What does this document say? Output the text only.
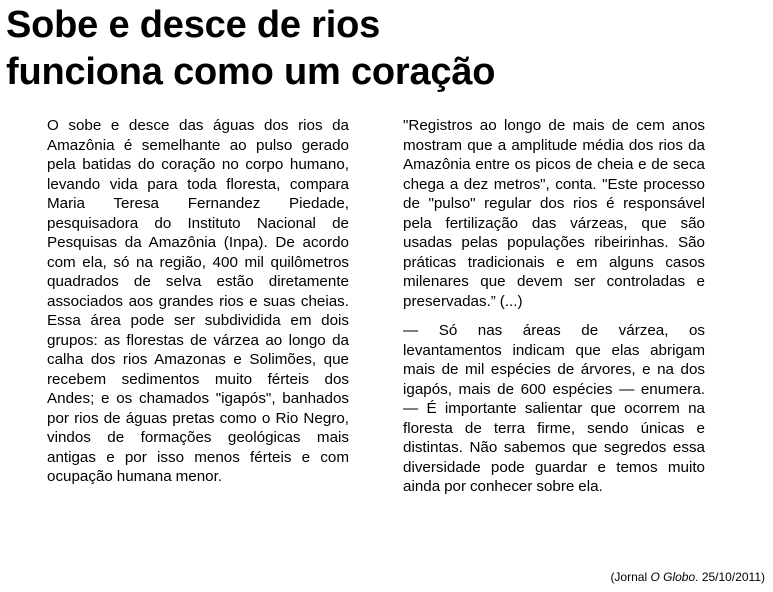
Sobe e desce de rios
funciona como um coração

O sobe e desce das águas dos rios da Amazônia é semelhante ao pulso gerado pela batidas do coração no corpo humano, levando vida para toda floresta, compara Maria Teresa Fernandez Piedade, pesquisadora do Instituto Nacional de Pesquisas da Amazônia (Inpa). De acordo com ela, só na região, 400 mil quilômetros quadrados de selva estão diretamente associados aos grandes rios e suas cheias. Essa área pode ser subdividida em dois grupos: as florestas de várzea ao longo da calha dos rios Amazonas e Solimões, que recebem sedimentos muito férteis dos Andes; e os chamados "igapós", banhados por rios de águas pretas como o Rio Negro, vindos de formações geológicas mais antigas e por isso menos férteis e com ocupação humana menor.

"Registros ao longo de mais de cem anos mostram que a amplitude média dos rios da Amazônia entre os picos de cheia e de seca chega a dez metros", conta. "Este processo de "pulso" regular dos rios é responsável pela fertilização das várzeas, que são usadas pelas populações ribeirinhas. São práticas tradicionais e em alguns casos milenares que devem ser controladas e preservadas.” (...)

— Só nas áreas de várzea, os levantamentos indicam que elas abrigam mais de mil espécies de árvores, e na dos igapós, mais de 600 espécies — enumera. — É importante salientar que ocorrem na floresta de terra firme, sendo únicas e distintas. Não sabemos que segredos essa diversidade pode guardar e temos muito ainda por conhecer sobre ela.

(Jornal O Globo. 25/10/2011)
